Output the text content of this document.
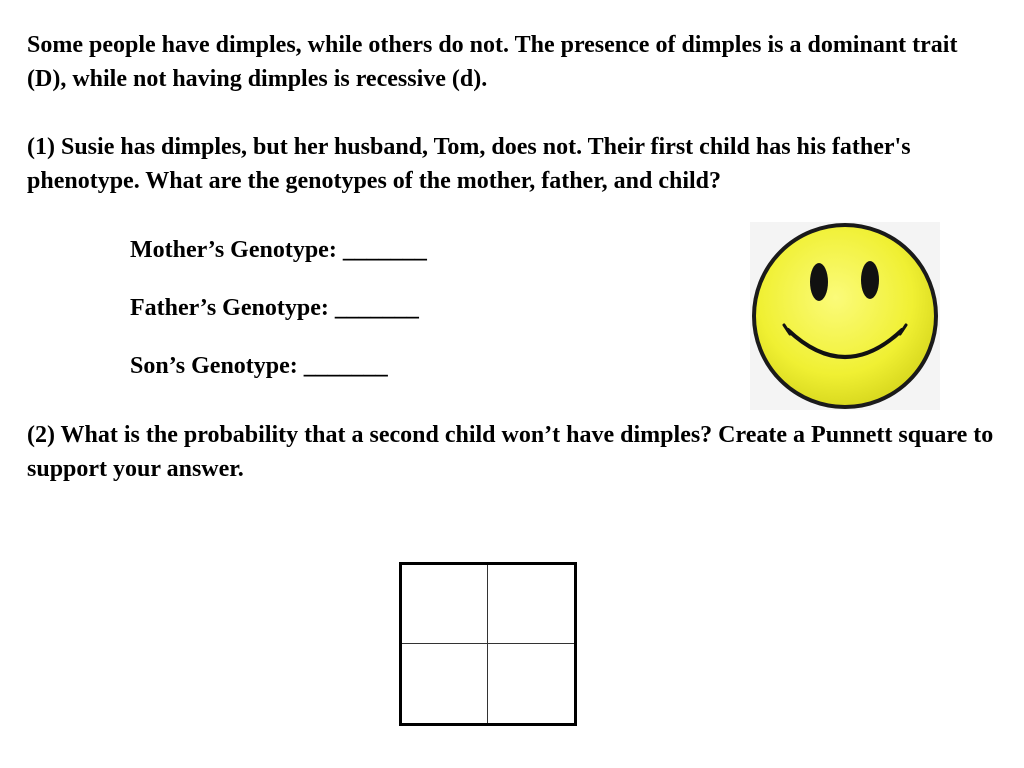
Some people have dimples, while others do not. The presence of dimples is a dominant trait (D), while not having dimples is recessive (d).

(1) Susie has dimples, but her husband, Tom, does not. Their first child has his father's phenotype. What are the genotypes of the mother, father, and child?

Mother’s Genotype: _______
Father’s Genotype: _______
Son’s Genotype: _______

(2) What is the probability that a second child won’t have dimples? Create a Punnett square to support your answer.
